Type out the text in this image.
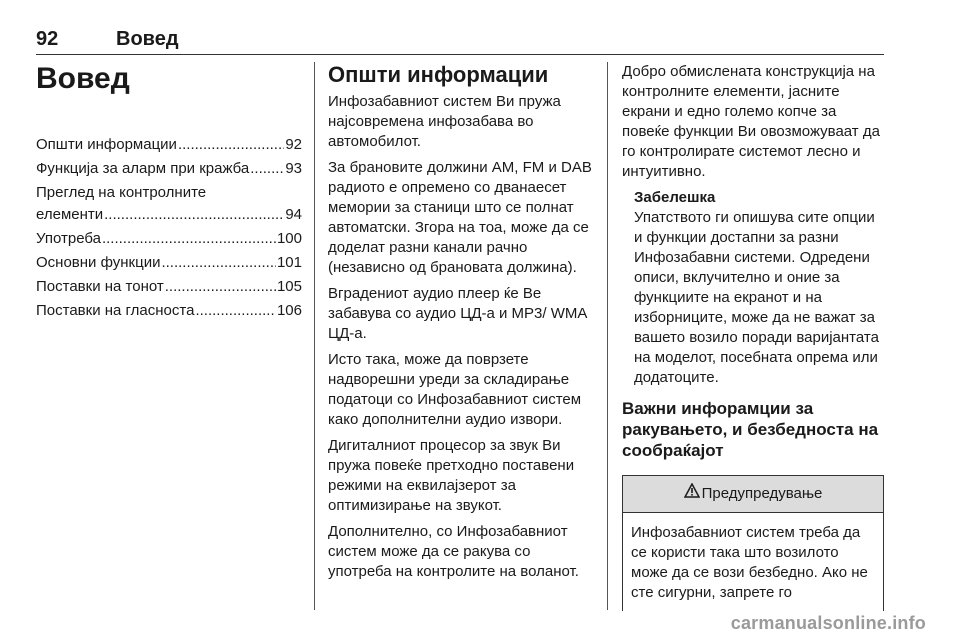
92	Вовед
Вовед
Општи информации .....	92
Функција за аларм при кражба ..... 93
Преглед на контролните
елементи .....	94
Употреба .....	100
Основни функции .....	101
Поставки на тонот .....	105
Поставки на гласноста .....	106
Општи информации

Инфозабавниот систем Ви пружа најсовремена инфозабава во автомобилот.

За брановите должини AM, FM и DAB радиото е опремено со дванаесет мемории за станици што се полнат автоматски. Згора на тоа, може да се доделат разни канали рачно (независно од брановата должина).

Вградениот аудио плеер ќе Ве забавува со аудио ЦД-а и MP3/ WMA ЦД-а.

Исто така, може да поврзете надворешни уреди за складирање податоци со Инфозабавниот систем како дополнителни аудио извори.

Дигиталниот процесор за звук Ви пружа повеќе претходно поставени режими на еквилајзерот за оптимизирање на звукот.

Дополнително, со Инфозабавниот систем може да се ракува со употреба на контролите на воланот.

Добро обмислената конструкција на контролните елементи, јасните екрани и едно големо копче за повеќе функции Ви овозможуваат да го контролирате системот лесно и интуитивно.

Забелешка
Упатството ги опишува сите опции и функции достапни за разни Инфозабавни системи. Одредени описи, вклучително и оние за функциите на екранот и на изборниците, може да не важат за вашето возило поради варијантата на моделот, посебната опрема или додатоците.
Важни инфорамции за ракувањето, и безбедноста на сообраќајот
Предупредување
Инфозабавниот систем треба да се користи така што возилото може да се вози безбедно. Ако не сте сигурни, запрете го
carmanualsonline.info
